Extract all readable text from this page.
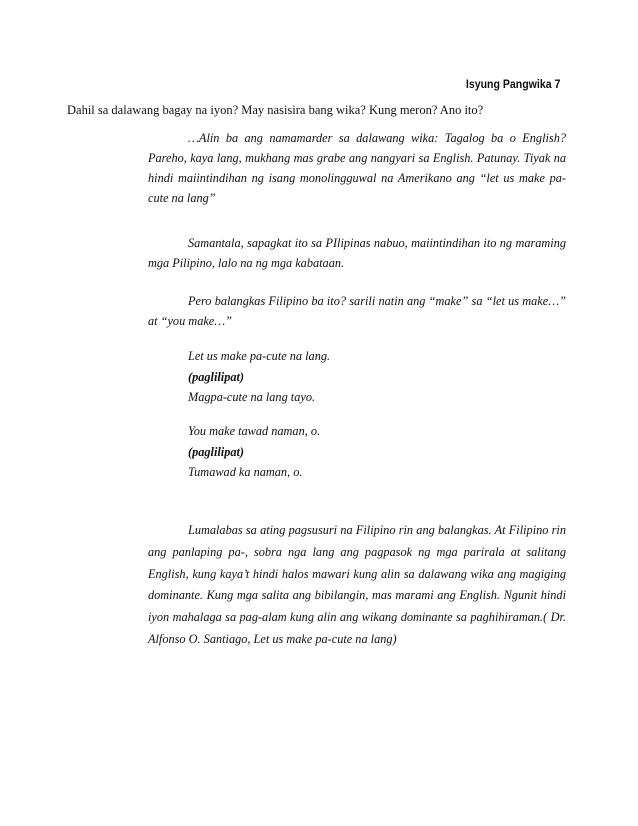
Isyung Pangwika 7
Dahil sa dalawang bagay na iyon? May nasisira bang wika? Kung meron? Ano ito?

…Alin ba ang namamarder sa dalawang wika: Tagalog ba o English? Pareho, kaya lang, mukhang mas grabe ang nangyari sa English. Patunay. Tiyak na hindi maiintindihan ng isang monolingguwal na Amerikano ang “let us make pa-cute na lang”

Samantala, sapagkat ito sa PIlipinas nabuo, maiintindihan ito ng maraming mga Pilipino, lalo na ng mga kabataan.

Pero balangkas Filipino ba ito? sarili natin ang “make” sa “let us make…” at “you make…”

Let us make pa-cute na lang.
(paglilipat)
Magpa-cute na lang tayo.
You make tawad naman, o.
(paglilipat)
Tumawad ka naman, o.

Lumalabas sa ating pagsusuri na Filipino rin ang balangkas. At Filipino rin ang panlaping pa-, sobra nga lang ang pagpasok ng mga parirala at salitang English, kung kaya’t hindi halos mawari kung alin sa dalawang wika ang magiging dominante. Kung mga salita ang bibilangin, mas marami ang English. Ngunit hindi iyon mahalaga sa pag-alam kung alin ang wikang dominante sa paghihiraman.( Dr. Alfonso O. Santiago, Let us make pa-cute na lang)
